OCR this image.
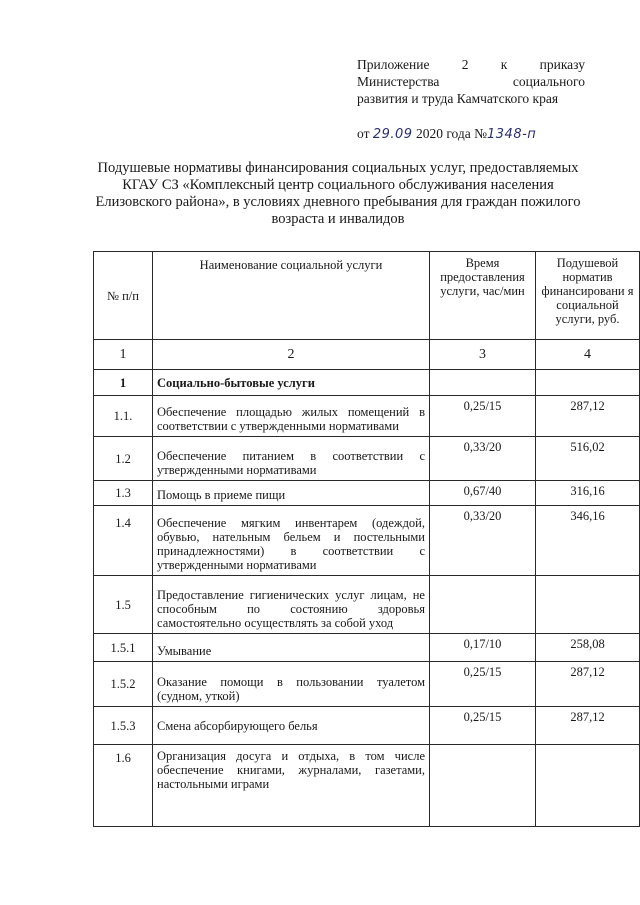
Приложение 2 к приказу
Министерства	социального
развития и труда Камчатского края
от 29.09 2020 года №1348-п
Подушевые нормативы финансирования социальных услуг, предоставляемых КГАУ СЗ «Комплексный центр социального обслуживания населения Елизовского района», в условиях дневного пребывания для граждан пожилого возраста и инвалидов
№ п/п	Наименование социальной услуги	Время предоставления услуги, час/мин	Подушевой норматив финансировани я социальной услуги, руб.
1	2	3	4
1	Социально-бытовые услуги		
1.1.	Обеспечение площадью жилых помещений в соответствии с утвержденными нормативами	0,25/15	287,12
1.2	Обеспечение питанием в соответствии с утвержденными нормативами	0,33/20	516,02
1.3	Помощь в приеме пищи	0,67/40	316,16
1.4	Обеспечение мягким инвентарем (одеждой, обувью, нательным бельем и постельными принадлежностями) в соответствии с утвержденными нормативами	0,33/20	346,16
1.5	Предоставление гигиенических услуг лицам, не способным по состоянию здоровья самостоятельно осуществлять за собой уход		
1.5.1	Умывание	0,17/10	258,08
1.5.2	Оказание помощи в пользовании туалетом (судном, уткой)	0,25/15	287,12
1.5.3	Смена абсорбирующего белья	0,25/15	287,12
1.6	Организация досуга и отдыха, в том числе обеспечение книгами, журналами, газетами, настольными играми		
